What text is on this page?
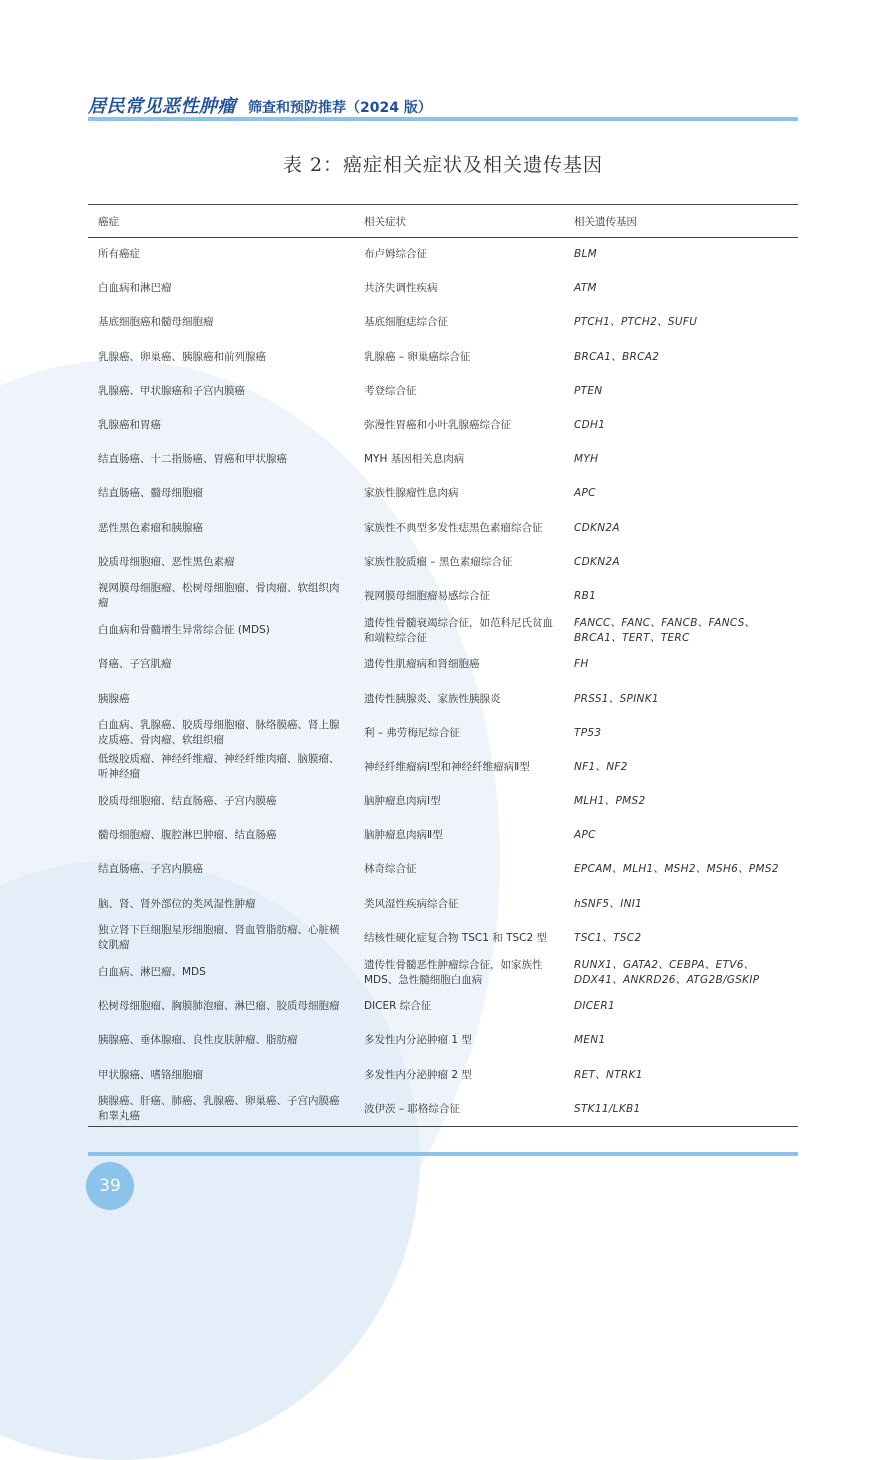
居民常见恶性肿瘤 筛查和预防推荐（2024 版）
表 2：癌症相关症状及相关遗传基因
癌症	相关症状	相关遗传基因
所有癌症	布卢姆综合征	BLM
白血病和淋巴瘤	共济失调性疾病	ATM
基底细胞癌和髓母细胞瘤	基底细胞痣综合征	PTCH1、PTCH2、SUFU
乳腺癌、卵巢癌、胰腺癌和前列腺癌	乳腺癌 – 卵巢癌综合征	BRCA1、BRCA2
乳腺癌、甲状腺癌和子宫内膜癌	考登综合征	PTEN
乳腺癌和胃癌	弥漫性胃癌和小叶乳腺癌综合征	CDH1
结直肠癌、十二指肠癌、胃癌和甲状腺癌	MYH 基因相关息肉病	MYH
结直肠癌、髓母细胞瘤	家族性腺瘤性息肉病	APC
恶性黑色素瘤和胰腺癌	家族性不典型多发性痣黑色素瘤综合征	CDKN2A
胶质母细胞瘤、恶性黑色素瘤	家族性胶质瘤 – 黑色素瘤综合征	CDKN2A
视网膜母细胞瘤、松树母细胞瘤、骨肉瘤、软组织肉瘤	视网膜母细胞瘤易感综合征	RB1
白血病和骨髓增生异常综合征 (MDS)	遗传性骨髓衰竭综合征，如范科尼氏贫血和端粒综合征	FANCC、FANC、FANCB、FANCS、BRCA1、TERT、TERC
肾癌、子宫肌瘤	遗传性肌瘤病和肾细胞癌	FH
胰腺癌	遗传性胰腺炎、家族性胰腺炎	PRSS1、SPINK1
白血病、乳腺癌、胶质母细胞瘤、脉络膜癌、肾上腺皮质癌、骨肉瘤、软组织瘤	利 – 弗劳梅尼综合征	TP53
低级胶质瘤、神经纤维瘤、神经纤维肉瘤、脑膜瘤、听神经瘤	神经纤维瘤病Ⅰ型和神经纤维瘤病Ⅱ型	NF1、NF2
胶质母细胞瘤、结直肠癌、子宫内膜癌	脑肿瘤息肉病Ⅰ型	MLH1、PMS2
髓母细胞瘤、腹腔淋巴肿瘤、结直肠癌	脑肿瘤息肉病Ⅱ型	APC
结直肠癌、子宫内膜癌	林奇综合征	EPCAM、MLH1、MSH2、MSH6、PMS2
脑、肾、肾外部位的类风湿性肿瘤	类风湿性疾病综合征	hSNF5、INI1
独立肾下巨细胞星形细胞瘤、肾血管脂肪瘤、心脏横纹肌瘤	结核性硬化症复合物 TSC1 和 TSC2 型	TSC1、TSC2
白血病、淋巴瘤、MDS	遗传性骨髓恶性肿瘤综合征，如家族性 MDS、急性髓细胞白血病	RUNX1、GATA2、CEBPA、ETV6、DDX41、ANKRD26、ATG2B/GSKIP
松树母细胞瘤、胸膜肺泡瘤、淋巴瘤、胶质母细胞瘤	DICER 综合征	DICER1
胰腺癌、垂体腺瘤、良性皮肤肿瘤、脂肪瘤	多发性内分泌肿瘤 1 型	MEN1
甲状腺癌、嗜铬细胞瘤	多发性内分泌肿瘤 2 型	RET、NTRK1
胰腺癌、肝癌、肺癌、乳腺癌、卵巢癌、子宫内膜癌和睾丸癌	波伊茨 – 耶格综合征	STK11/LKB1
39
